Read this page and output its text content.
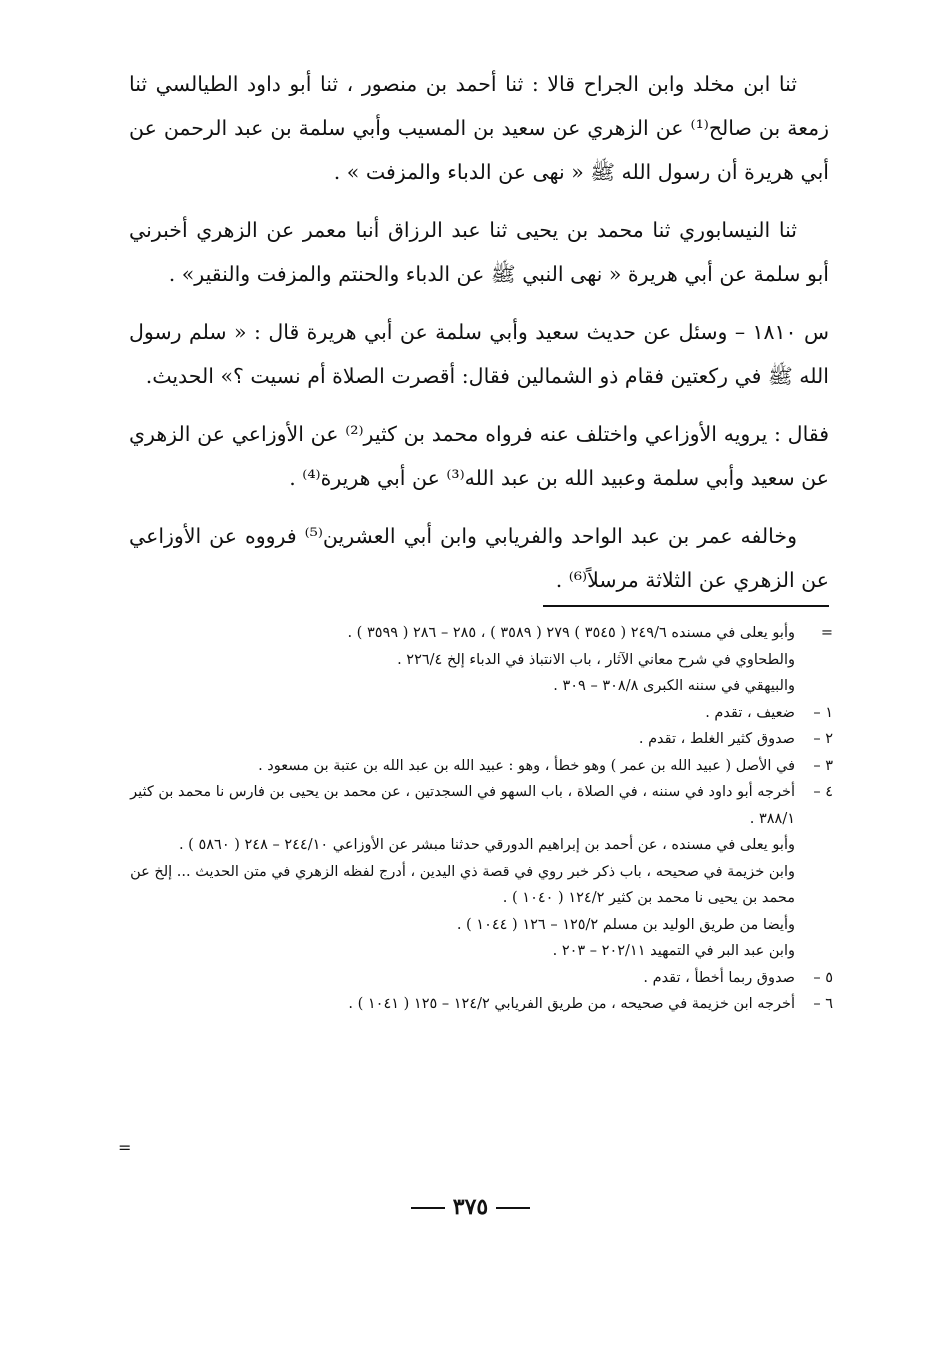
ثنا ابن مخلد وابن الجراح قالا : ثنا أحمد بن منصور ، ثنا أبو داود الطيالسي ثنا زمعة بن صالح⁽¹⁾ عن الزهري عن سعيد بن المسيب وأبي سلمة بن عبد الرحمن عن أبي هريرة أن رسول الله ﷺ « نهى عن الدباء والمزفت » .

ثنا النيسابوري ثنا محمد بن يحيى ثنا عبد الرزاق أنبا معمر عن الزهري أخبرني أبو سلمة عن أبي هريرة « نهى النبي ﷺ عن الدباء والحنتم والمزفت والنقير» .

س ١٨١٠ – وسئل عن حديث سعيد وأبي سلمة عن أبي هريرة قال : « سلم رسول الله ﷺ في ركعتين فقام ذو الشمالين فقال: أقصرت الصلاة أم نسيت ؟» الحديث.

فقال : يرويه الأوزاعي واختلف عنه فرواه محمد بن كثير⁽²⁾ عن الأوزاعي عن الزهري عن سعيد وأبي سلمة وعبيد الله بن عبد الله⁽³⁾ عن أبي هريرة⁽⁴⁾ .

وخالفه عمر بن عبد الواحد والفريابي وابن أبي العشرين⁽⁵⁾ فرووه عن الأوزاعي عن الزهري عن الثلاثة مرسلاً⁽⁶⁾ .

=
وأبو يعلى في مسنده ٢٤٩/٦ ( ٣٥٤٥ ) ٢٧٩ ( ٣٥٨٩ ) ، ٢٨٥ – ٢٨٦ ( ٣٥٩٩ ) .
والطحاوي في شرح معاني الآثار ، باب الانتباذ في الدباء إلخ ٢٢٦/٤ .
والبيهقي في سننه الكبرى ٣٠٨/٨ – ٣٠٩ .
١ –
ضعيف ، تقدم .
٢ –
صدوق كثير الغلط ، تقدم .
٣ –
في الأصل ( عبيد الله بن عمر ) وهو خطأ ، وهو : عبيد الله بن عبد الله بن عتبة بن مسعود .
٤ –
أخرجه أبو داود في سننه ، في الصلاة ، باب السهو في السجدتين ، عن محمد بن يحيى بن فارس نا محمد بن كثير ٣٨٨/١ .
وأبو يعلى في مسنده ، عن أحمد بن إبراهيم الدورقي حدثنا مبشر عن الأوزاعي ٢٤٤/١٠ – ٢٤٨ ( ٥٨٦٠ ) .
وابن خزيمة في صحيحه ، باب ذكر خبر روي في قصة ذي اليدين ، أدرج لفظه الزهري في متن الحديث ... إلخ عن محمد بن يحيى نا محمد بن كثير ١٢٤/٢ ( ١٠٤٠ ) .
وأيضا من طريق الوليد بن مسلم ١٢٥/٢ – ١٢٦ ( ١٠٤٤ ) .
وابن عبد البر في التمهيد ٢٠٢/١١ – ٢٠٣ .
٥ –
صدوق ربما أخطأ ، تقدم .
٦ –
أخرجه ابن خزيمة في صحيحه ، من طريق الفريابي ١٢٤/٢ – ١٢٥ ( ١٠٤١ ) .
=
٣٧٥
